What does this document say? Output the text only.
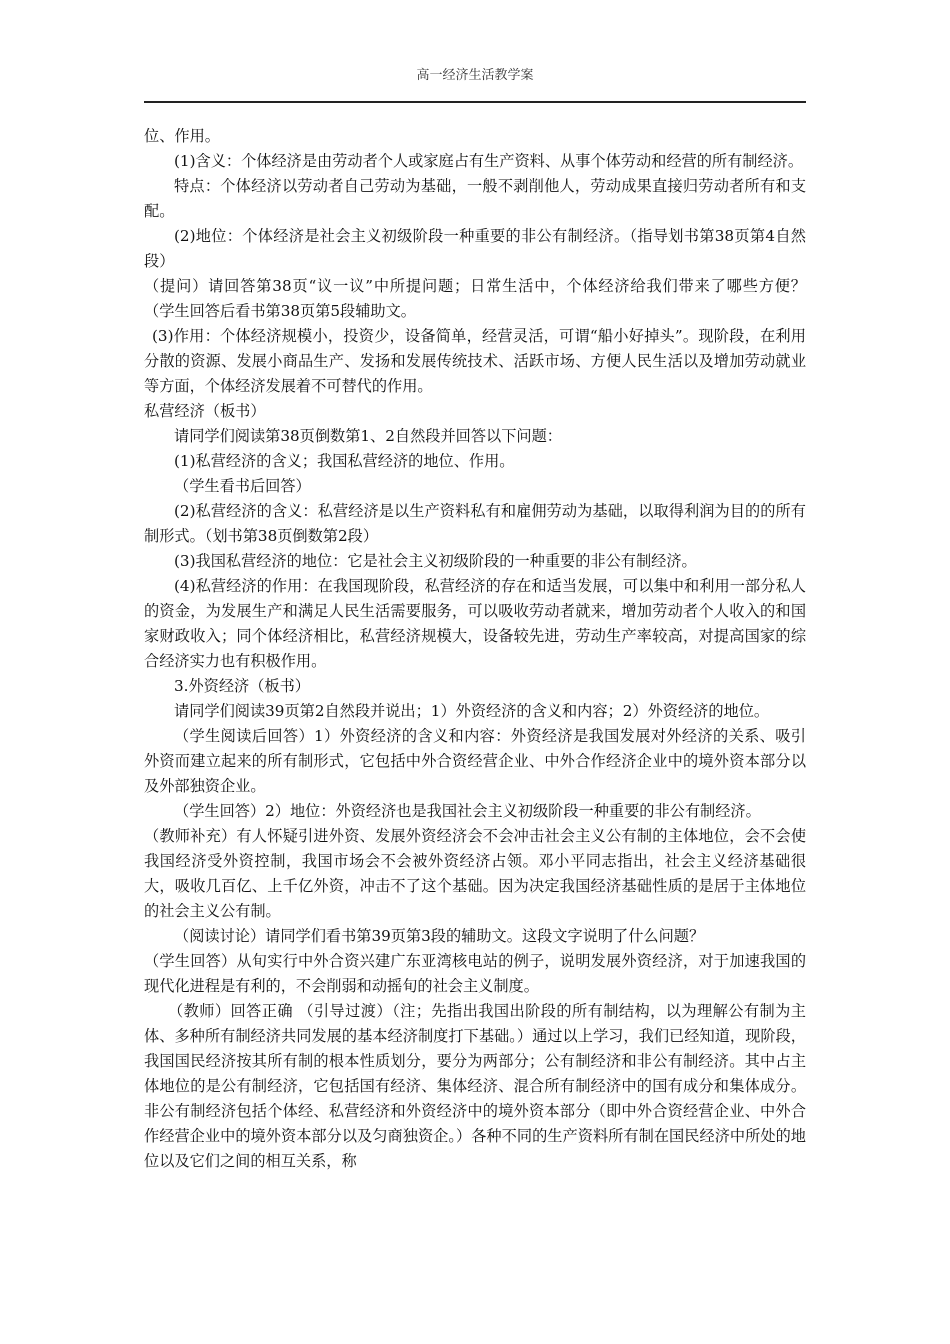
高一经济生活教学案

位、作用。

(1)含义：个体经济是由劳动者个人或家庭占有生产资料、从事个体劳动和经营的所有制经济。

特点：个体经济以劳动者自己劳动为基础，一般不剥削他人，劳动成果直接归劳动者所有和支配。

(2)地位：个体经济是社会主义初级阶段一种重要的非公有制经济。（指导划书第38页第4自然段）

（提问）请回答第38页“议一议”中所提问题；日常生活中，个体经济给我们带来了哪些方便？ （学生回答后看书第38页第5段辅助文。

(3)作用：个体经济规模小，投资少，设备简单，经营灵活，可谓“船小好掉头”。现阶段，在利用分散的资源、发展小商品生产、发扬和发展传统技术、活跃市场、方便人民生活以及增加劳动就业等方面，个体经济发展着不可替代的作用。

私营经济（板书）

请同学们阅读第38页倒数第1、2自然段并回答以下问题：

(1)私营经济的含义；我国私营经济的地位、作用。

（学生看书后回答）

(2)私营经济的含义：私营经济是以生产资料私有和雇佣劳动为基础，以取得利润为目的的所有制形式。（划书第38页倒数第2段）

(3)我国私营经济的地位：它是社会主义初级阶段的一种重要的非公有制经济。

(4)私营经济的作用：在我国现阶段，私营经济的存在和适当发展，可以集中和利用一部分私人的资金，为发展生产和满足人民生活需要服务，可以吸收劳动者就来，增加劳动者个人收入的和国家财政收入；同个体经济相比，私营经济规模大，设备较先进，劳动生产率较高，对提高国家的综合经济实力也有积极作用。

3.外资经济（板书）

请同学们阅读39页第2自然段并说出；1）外资经济的含义和内容；2）外资经济的地位。

（学生阅读后回答）1）外资经济的含义和内容：外资经济是我国发展对外经济的关系、吸引外资而建立起来的所有制形式，它包括中外合资经营企业、中外合作经济企业中的境外资本部分以及外部独资企业。

（学生回答）2）地位：外资经济也是我国社会主义初级阶段一种重要的非公有制经济。

（教师补充）有人怀疑引进外资、发展外资经济会不会冲击社会主义公有制的主体地位，会不会使我国经济受外资控制，我国市场会不会被外资经济占领。邓小平同志指出，社会主义经济基础很大，吸收几百亿、上千亿外资，冲击不了这个基础。因为决定我国经济基础性质的是居于主体地位的社会主义公有制。

（阅读讨论）请同学们看书第39页第3段的辅助文。这段文字说明了什么问题？

（学生回答）从旬实行中外合资兴建广东亚湾核电站的例子，说明发展外资经济，对于加速我国的现代化进程是有利的，不会削弱和动摇旬的社会主义制度。

（教师）回答正确 （引导过渡）（注；先指出我国出阶段的所有制结构，以为理解公有制为主体、多种所有制经济共同发展的基本经济制度打下基础。）通过以上学习，我们已经知道，现阶段，我国国民经济按其所有制的根本性质划分，要分为两部分；公有制经济和非公有制经济。其中占主体地位的是公有制经济，它包括国有经济、集体经济、混合所有制经济中的国有成分和集体成分。非公有制经济包括个体经、私营经济和外资经济中的境外资本部分（即中外合资经营企业、中外合作经营企业中的境外资本部分以及匀商独资企。）各种不同的生产资料所有制在国民经济中所处的地位以及它们之间的相互关系，称
